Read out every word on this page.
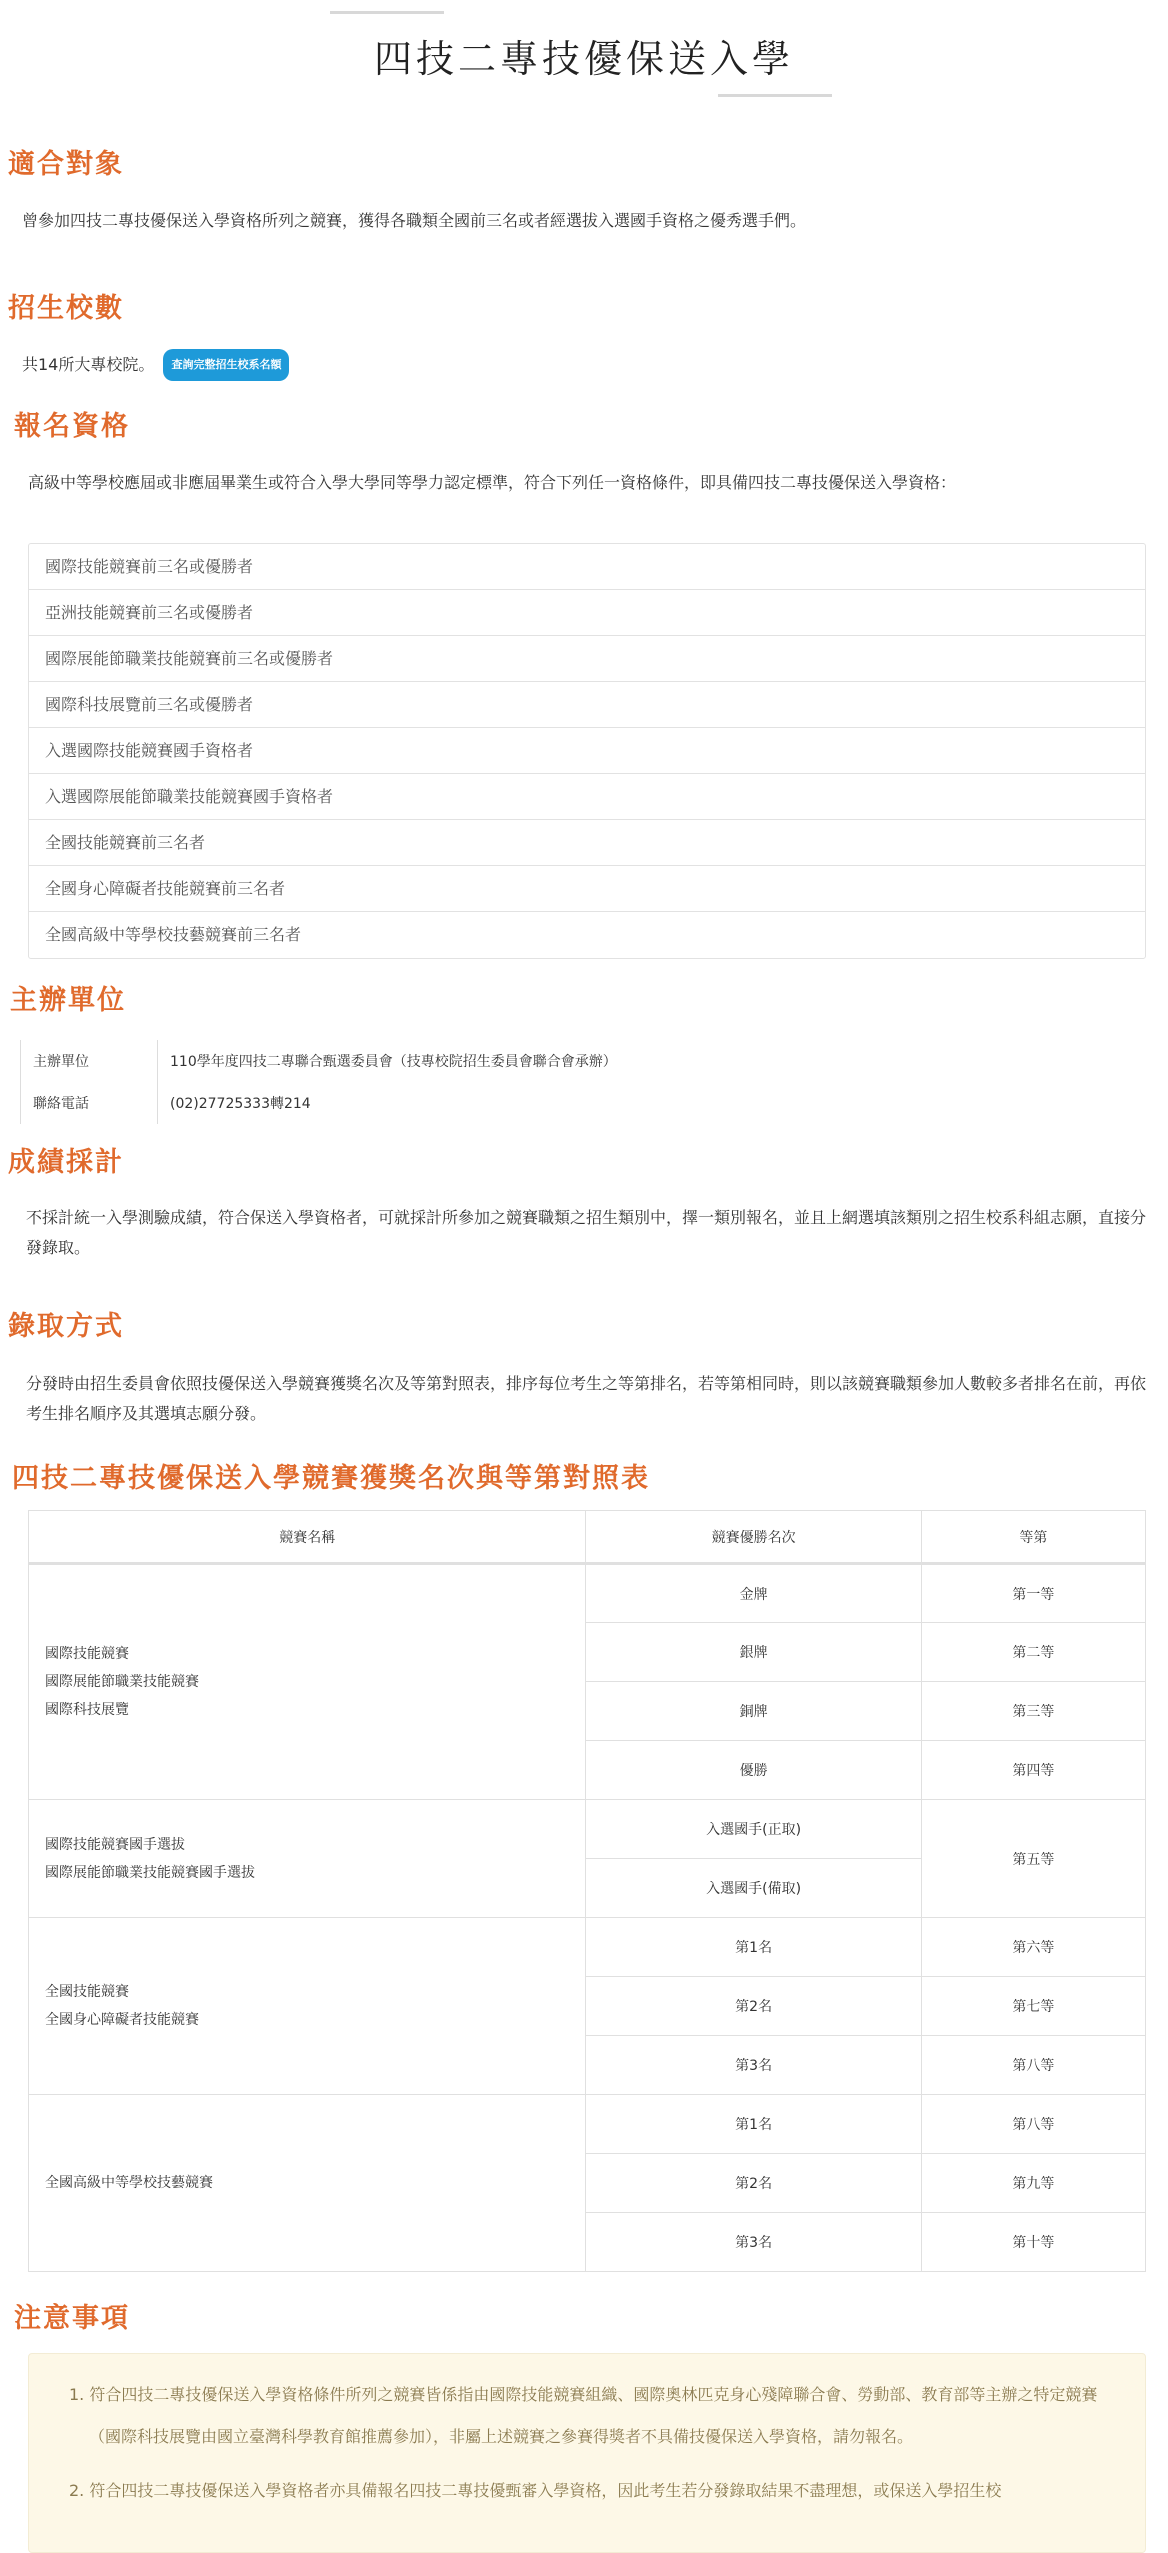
四技二專技優保送入學
適合對象

曾參加四技二專技優保送入學資格所列之競賽，獲得各職類全國前三名或者經選拔入選國手資格之優秀選手們。

招生校數

共14所大專校院。 查詢完整招生校系名額

報名資格

高級中等學校應屆或非應屆畢業生或符合入學大學同等學力認定標準，符合下列任一資格條件，即具備四技二專技優保送入學資格：

國際技能競賽前三名或優勝者
亞洲技能競賽前三名或優勝者
國際展能節職業技能競賽前三名或優勝者
國際科技展覽前三名或優勝者
入選國際技能競賽國手資格者
入選國際展能節職業技能競賽國手資格者
全國技能競賽前三名者
全國身心障礙者技能競賽前三名者
全國高級中等學校技藝競賽前三名者
主辦單位
主辦單位	110學年度四技二專聯合甄選委員會（技專校院招生委員會聯合會承辦）
聯絡電話	(02)27725333轉214
成績採計

不採計統一入學測驗成績，符合保送入學資格者，可就採計所參加之競賽職類之招生類別中，擇一類別報名，並且上網選填該類別之招生校系科組志願，直接分發錄取。

錄取方式

分發時由招生委員會依照技優保送入學競賽獲獎名次及等第對照表，排序每位考生之等第排名，若等第相同時，則以該競賽職類參加人數較多者排名在前，再依考生排名順序及其選填志願分發。

四技二專技優保送入學競賽獲獎名次與等第對照表
競賽名稱	競賽優勝名次	等第

國際技能競賽
國際展能節職業技能競賽
國際科技展覽	金牌	第一等
	銀牌	第二等
	銅牌	第三等
	優勝	第四等

國際技能競賽國手選拔
國際展能節職業技能競賽國手選拔	入選國手(正取)	第五等
	入選國手(備取)	

全國技能競賽
全國身心障礙者技能競賽	第1名	第六等
	第2名	第七等
	第3名	第八等

全國高級中等學校技藝競賽	第1名	第八等
	第2名	第九等
	第3名	第十等
注意事項
1. 符合四技二專技優保送入學資格條件所列之競賽皆係指由國際技能競賽組織、國際奧林匹克身心殘障聯合會、勞動部、教育部等主辦之特定競賽（國際科技展覽由國立臺灣科學教育館推薦參加），非屬上述競賽之參賽得獎者不具備技優保送入學資格，請勿報名。
2. 符合四技二專技優保送入學資格者亦具備報名四技二專技優甄審入學資格，因此考生若分發錄取結果不盡理想，或保送入學招生校
